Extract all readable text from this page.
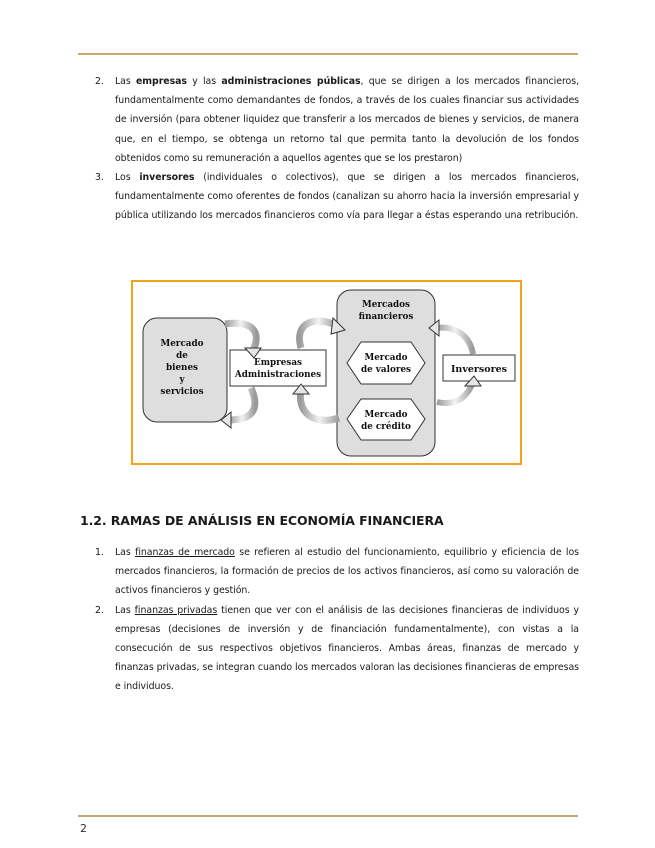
2. Las empresas y las administraciones públicas, que se dirigen a los mercados financieros, fundamentalmente como demandantes de fondos, a través de los cuales financiar sus actividades de inversión (para obtener liquidez que transferir a los mercados de bienes y servicios, de manera que, en el tiempo, se obtenga un retorno tal que permita tanto la devolución de los fondos obtenidos como su remuneración a aquellos agentes que se los prestaron)
3. Los inversores (individuales o colectivos), que se dirigen a los mercados financieros, fundamentalmente como oferentes de fondos (canalizan su ahorro hacia la inversión empresarial y pública utilizando los mercados financieros como vía para llegar a éstas esperando una retribución.
Mercado
de
bienes
y
servicios
Empresas
Administraciones
Mercados
financieros
Mercado
de valores
Mercado
de crédito
Inversores
1.2. RAMAS DE ANÁLISIS EN ECONOMÍA FINANCIERA
1. Las finanzas de mercado se refieren al estudio del funcionamiento, equilibrio y eficiencia de los mercados financieros, la formación de precios de los activos financieros, así como su valoración de activos financieros y gestión.
2. Las finanzas privadas tienen que ver con el análisis de las decisiones financieras de individuos y empresas (decisiones de inversión y de financiación fundamentalmente), con vistas a la consecución de sus respectivos objetivos financieros. Ambas áreas, finanzas de mercado y finanzas privadas, se integran cuando los mercados valoran las decisiones financieras de empresas e individuos.
2
